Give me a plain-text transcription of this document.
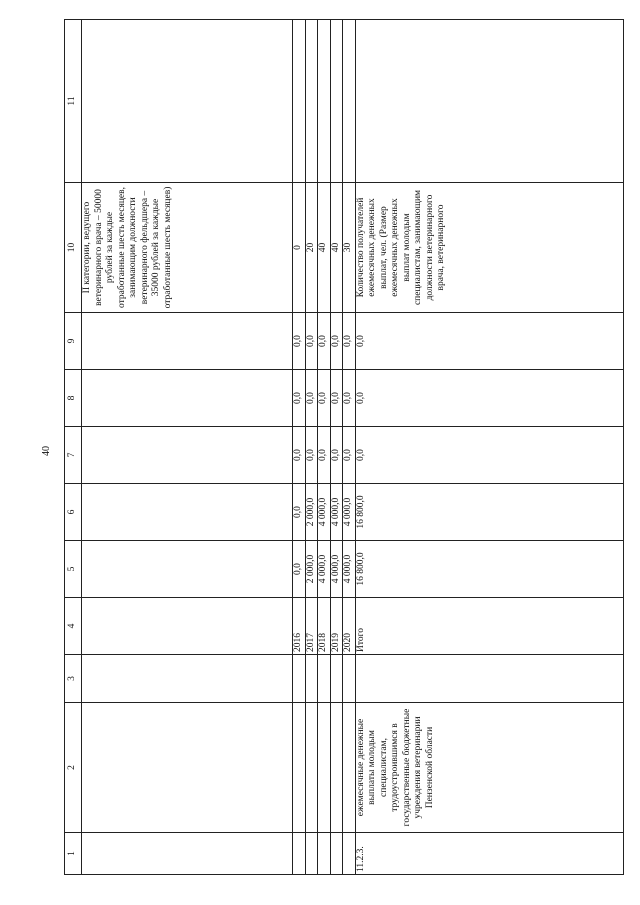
40
1	2	3	4	5	6	7	8	9	10	11
									II категории, ведущего ветеринарного врача – 50000 рублей за каждые отработанные шесть месяцев, занимающим должности ветеринарного фельдшера – 35000 рублей за каждые отработанные шесть месяцев)	
			2016	0,0	0,0	0,0	0,0	0,0	0	
			2017	2 000,0	2 000,0	0,0	0,0	0,0	20	
			2018	4 000,0	4 000,0	0,0	0,0	0,0	40	
			2019	4 000,0	4 000,0	0,0	0,0	0,0	40	
			2020	4 000,0	4 000,0	0,0	0,0	0,0	30	
11.2.3.	ежемесячные денежные выплаты молодым специалистам, трудоустроившимся в государственные бюджетные учреждения ветеринарии Пензенской области		Итого	16 800,0	16 800,0	0,0	0,0	0,0	Количество получателей ежемесячных денежных выплат, чел. (Размер ежемесячных денежных выплат молодым специалистам, занимающим должности ветеринарного врача, ветеринарного	
